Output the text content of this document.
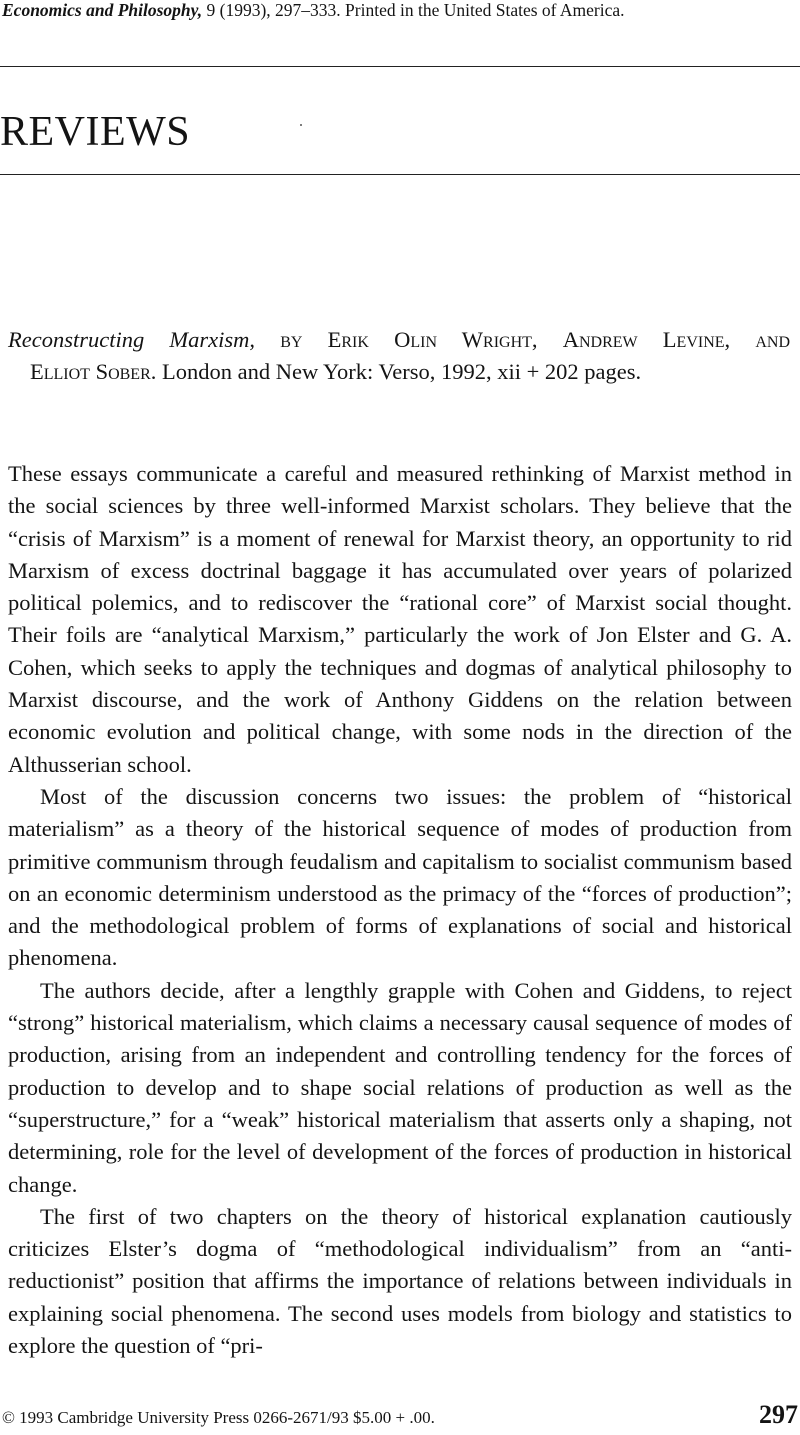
Economics and Philosophy, 9 (1993), 297–333. Printed in the United States of America.
REVIEWS
Reconstructing Marxism, by Erik Olin Wright, Andrew Levine, and
Elliot Sober. London and New York: Verso, 1992, xii + 202 pages.

These essays communicate a careful and measured rethinking of Marxist method in the social sciences by three well-informed Marxist scholars. They believe that the “crisis of Marxism” is a moment of renewal for Marxist theory, an opportunity to rid Marxism of excess doctrinal baggage it has accumulated over years of polarized political polemics, and to rediscover the “rational core” of Marxist social thought. Their foils are “analytical Marxism,” particularly the work of Jon Elster and G. A. Cohen, which seeks to apply the techniques and dogmas of analytical philosophy to Marxist discourse, and the work of Anthony Giddens on the relation between economic evolution and political change, with some nods in the direction of the Althusserian school.

Most of the discussion concerns two issues: the problem of “historical materialism” as a theory of the historical sequence of modes of production from primitive communism through feudalism and capitalism to socialist communism based on an economic determinism understood as the primacy of the “forces of production”; and the methodological problem of forms of explanations of social and historical phenomena.

The authors decide, after a lengthly grapple with Cohen and Giddens, to reject “strong” historical materialism, which claims a necessary causal sequence of modes of production, arising from an independent and controlling tendency for the forces of production to develop and to shape social relations of production as well as the “superstructure,” for a “weak” historical materialism that asserts only a shaping, not determining, role for the level of development of the forces of production in historical change.

The first of two chapters on the theory of historical explanation cautiously criticizes Elster’s dogma of “methodological individualism” from an “anti-reductionist” position that affirms the importance of relations between individuals in explaining social phenomena. The second uses models from biology and statistics to explore the question of “pri-

© 1993 Cambridge University Press 0266-2671/93 $5.00 + .00.	297
